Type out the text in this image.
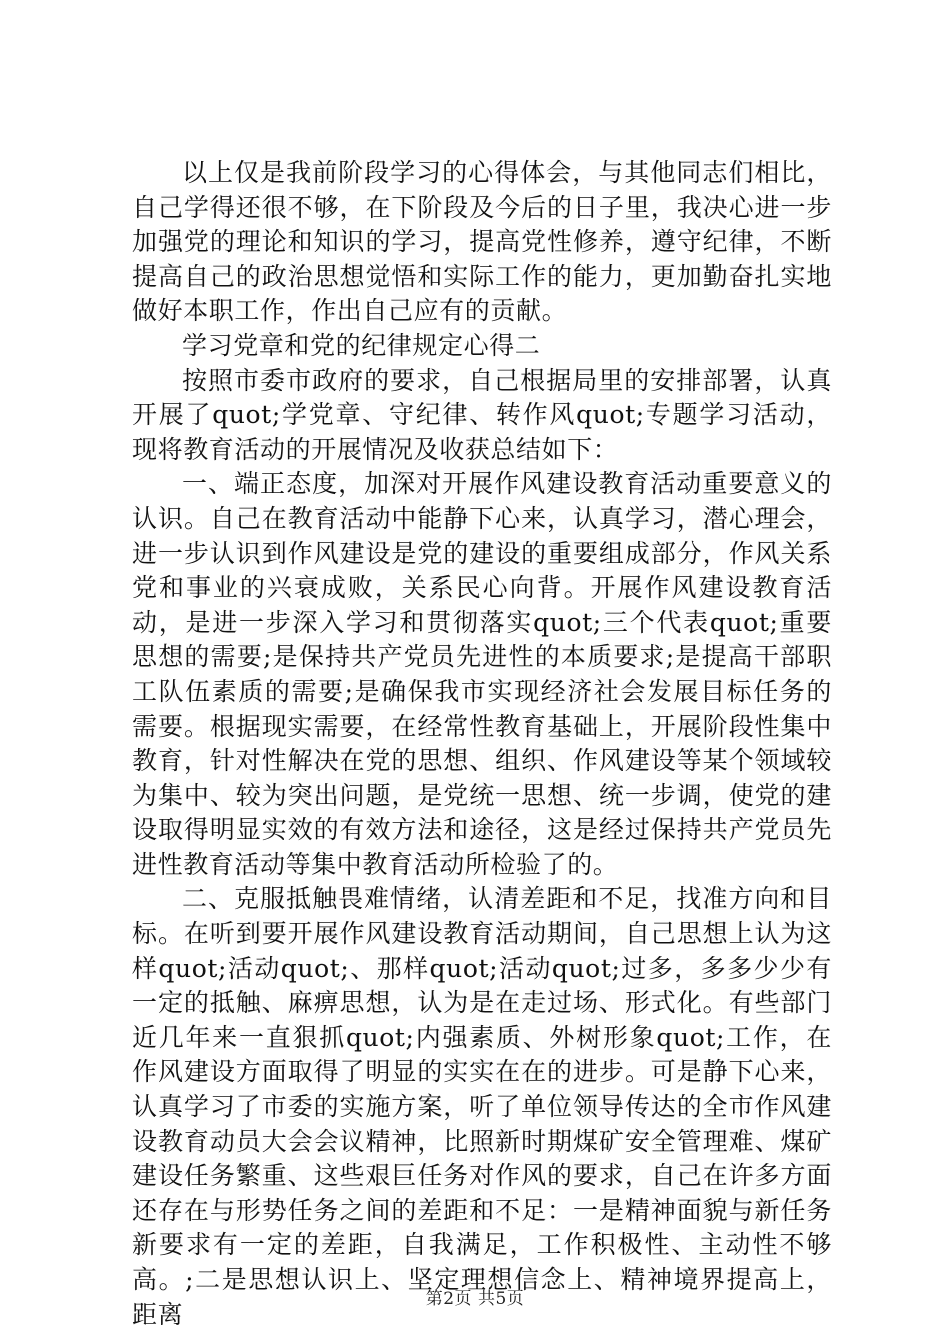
以上仅是我前阶段学习的心得体会，与其他同志们相比，自己学得还很不够，在下阶段及今后的日子里，我决心进一步加强党的理论和知识的学习，提高党性修养，遵守纪律，不断提高自己的政治思想觉悟和实际工作的能力，更加勤奋扎实地做好本职工作，作出自己应有的贡献。

学习党章和党的纪律规定心得二

按照市委市政府的要求，自己根据局里的安排部署，认真开展了quot;学党章、守纪律、转作风quot;专题学习活动，现将教育活动的开展情况及收获总结如下：

一、端正态度，加深对开展作风建设教育活动重要意义的认识。自己在教育活动中能静下心来，认真学习，潜心理会，进一步认识到作风建设是党的建设的重要组成部分，作风关系党和事业的兴衰成败，关系民心向背。开展作风建设教育活动，是进一步深入学习和贯彻落实quot;三个代表quot;重要思想的需要;是保持共产党员先进性的本质要求;是提高干部职工队伍素质的需要;是确保我市实现经济社会发展目标任务的需要。根据现实需要，在经常性教育基础上，开展阶段性集中教育，针对性解决在党的思想、组织、作风建设等某个领域较为集中、较为突出问题，是党统一思想、统一步调，使党的建设取得明显实效的有效方法和途径，这是经过保持共产党员先进性教育活动等集中教育活动所检验了的。

二、克服抵触畏难情绪，认清差距和不足，找准方向和目标。在听到要开展作风建设教育活动期间，自己思想上认为这样quot;活动quot;、那样quot;活动quot;过多，多多少少有一定的抵触、麻痹思想，认为是在走过场、形式化。有些部门近几年来一直狠抓quot;内强素质、外树形象quot;工作，在作风建设方面取得了明显的实实在在的进步。可是静下心来，认真学习了市委的实施方案，听了单位领导传达的全市作风建设教育动员大会会议精神，比照新时期煤矿安全管理难、煤矿建设任务繁重、这些艰巨任务对作风的要求，自己在许多方面还存在与形势任务之间的差距和不足：一是精神面貌与新任务新要求有一定的差距，自我满足，工作积极性、主动性不够高。;二是思想认识上、坚定理想信念上、精神境界提高上，距离

第2页 共5页
